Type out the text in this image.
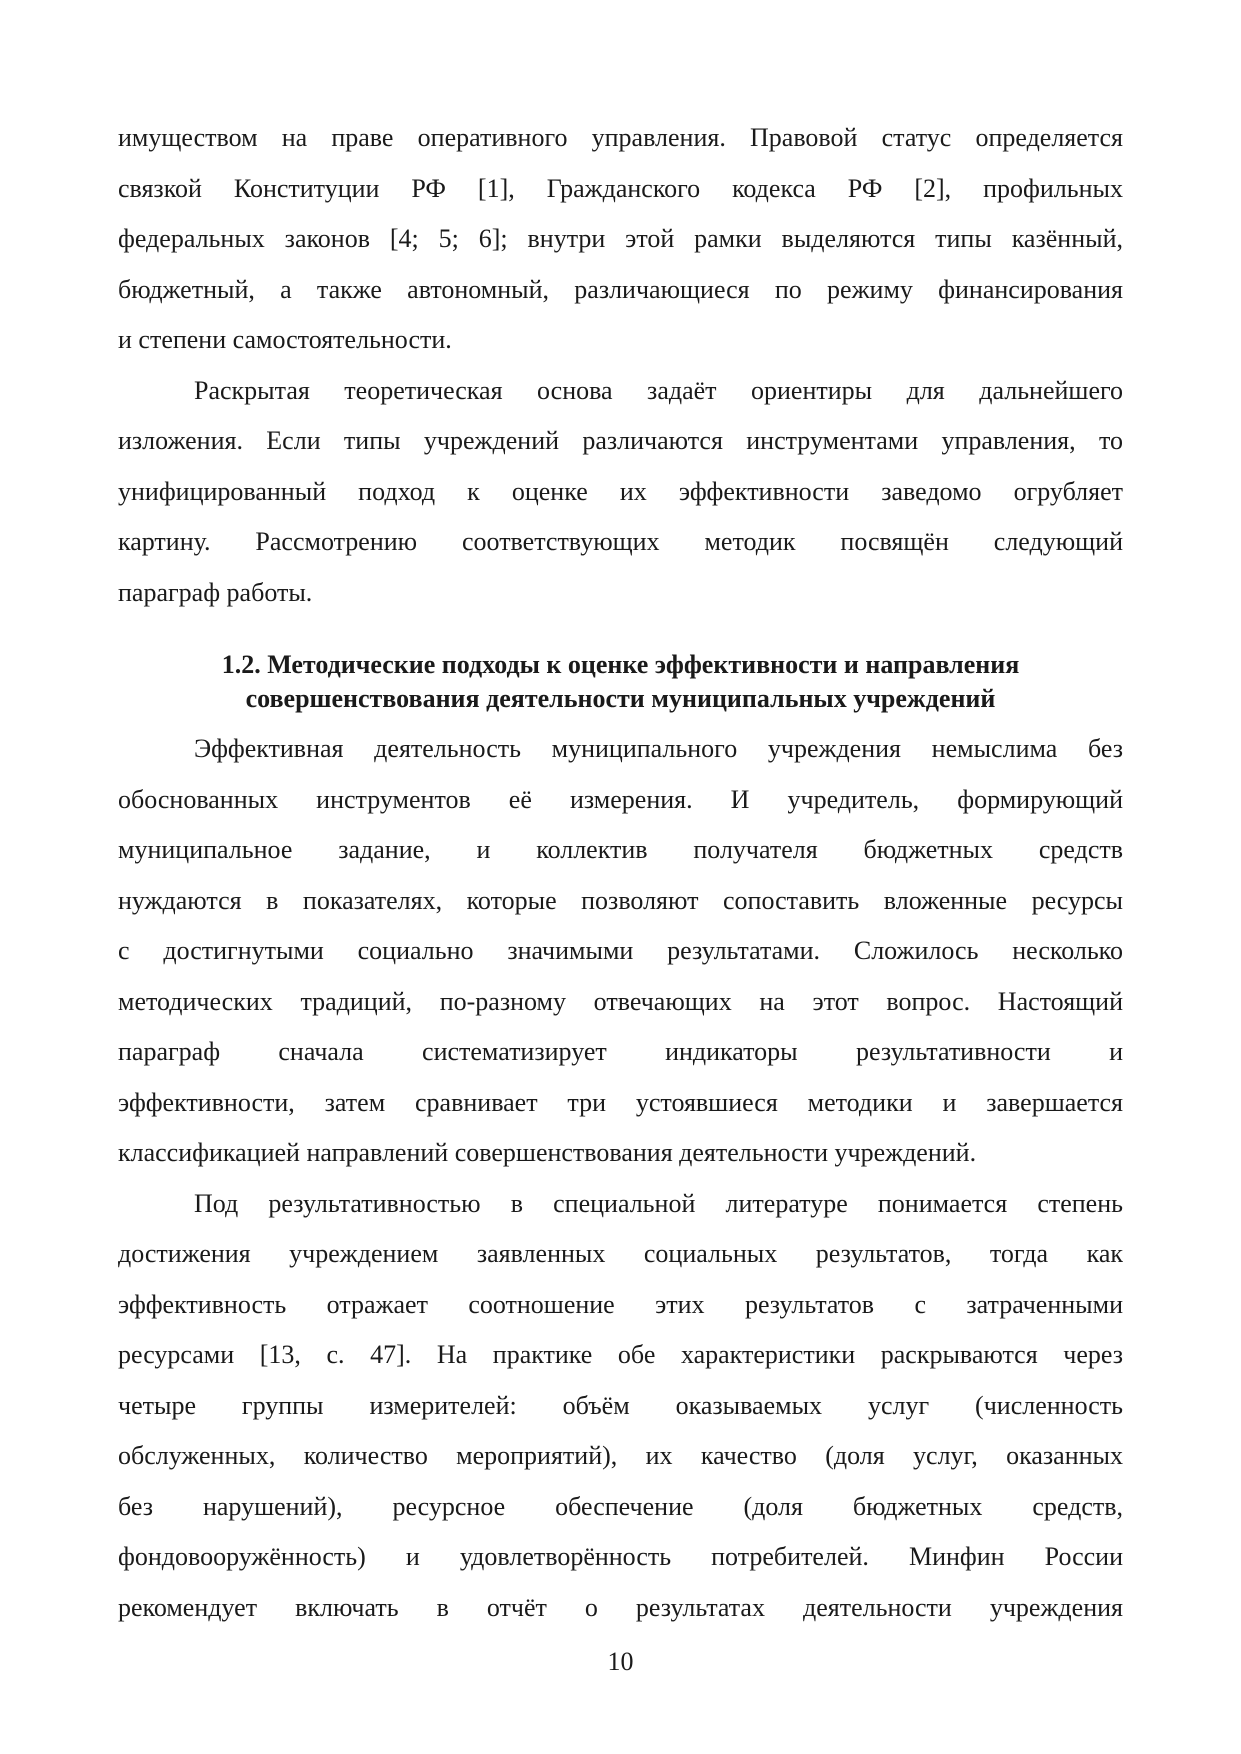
имуществом на праве оперативного управления. Правовой статус определяется
связкой Конституции РФ [1], Гражданского кодекса РФ [2], профильных
федеральных законов [4; 5; 6]; внутри этой рамки выделяются типы казённый,
бюджетный, а также автономный, различающиеся по режиму финансирования
и степени самостоятельности.

Раскрытая теоретическая основа задаёт ориентиры для дальнейшего
изложения. Если типы учреждений различаются инструментами управления, то
унифицированный подход к оценке их эффективности заведомо огрубляет
картину. Рассмотрению соответствующих методик посвящён следующий
параграф работы.

1.2. Методические подходы к оценке эффективности и направления
совершенствования деятельности муниципальных учреждений

Эффективная деятельность муниципального учреждения немыслима без
обоснованных инструментов её измерения. И учредитель, формирующий
муниципальное задание, и коллектив получателя бюджетных средств
нуждаются в показателях, которые позволяют сопоставить вложенные ресурсы
с достигнутыми социально значимыми результатами. Сложилось несколько
методических традиций, по-разному отвечающих на этот вопрос. Настоящий
параграф сначала систематизирует индикаторы результативности и
эффективности, затем сравнивает три устоявшиеся методики и завершается
классификацией направлений совершенствования деятельности учреждений.

Под результативностью в специальной литературе понимается степень
достижения учреждением заявленных социальных результатов, тогда как
эффективность отражает соотношение этих результатов с затраченными
ресурсами [13, с. 47]. На практике обе характеристики раскрываются через
четыре группы измерителей: объём оказываемых услуг (численность
обслуженных, количество мероприятий), их качество (доля услуг, оказанных
без нарушений), ресурсное обеспечение (доля бюджетных средств,
фондовооружённость) и удовлетворённость потребителей. Минфин России
рекомендует включать в отчёт о результатах деятельности учреждения

10
